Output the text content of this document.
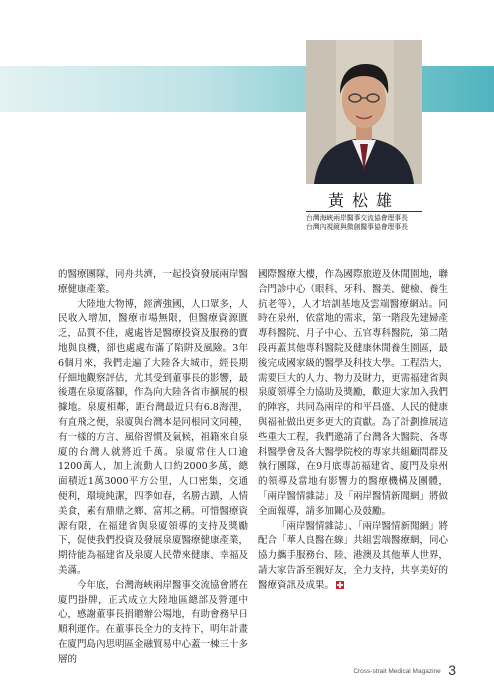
黃松雄
台灣海峽兩岸醫事交流協會理事長
台灣內視鏡與微創醫事協會理事長

的醫療團隊，同舟共濟，一起投資發展兩岸醫療健康產業。

大陸地大物博，經濟強國，人口眾多，人民收入增加，醫療市場無限，但醫療資源匱乏，品質不佳，處處皆是醫療投資及服務的寶地與良機，卻也處處布滿了陷阱及風險。3年6個月來，我們走遍了大陸各大城市，經長期仔細地觀察評估，尤其受到董事長的影響，最後選在泉廈落腳，作為向大陸各省市擴展的根據地。泉廈相鄰，距台灣最近只有6.8海浬，有直飛之便，泉廈與台灣本是同根同文同種，有一樣的方言、風俗習慣及氣候，祖籍來自泉廈的台灣人就將近千萬。泉廈常住人口逾1200萬人，加上流動人口約2000多萬，總面積近1萬3000平方公里，人口密集，交通便利，環境純潔，四季如春，名勝古蹟，人情美食，素有鼎鼎之鄉、富邦之稱。可惜醫療資源有限，在福建省與泉廈領導的支持及獎勵下，促使我們投資及發展泉廈醫療健康產業，期待能為福建省及泉廈人民帶來健康、幸福及美滿。

今年底，台灣海峽兩岸醫事交流協會將在廈門掛牌，正式成立大陸地區總部及營運中心，感謝董事長捐贈辦公場地，有助會務早日順利運作。在董事長全力的支持下，明年計畫在廈門島內思明區金融貿易中心蓋一棟三十多層的

國際醫療大樓，作為國際旅遊及休閒園地，聯合門診中心（眼科、牙科、醫美、健檢、養生抗老等），人才培訓基地及雲端醫療網站。同時在泉州，依當地的需求，第一階段先建婦產專科醫院、月子中心、五官專科醫院，第二階段再蓋其他專科醫院及健康休閒養生園區，最後完成國家級的醫學及科技大學。工程浩大，需要巨大的人力、物力及財力，更需福建省與泉廈領導全力協助及獎勵，歡迎大家加入我們的陣容，共同為兩岸的和平昌盛、人民的健康與福祉做出更多更大的貢獻。為了計劃推展這些重大工程，我們邀請了台灣各大醫院、各專科醫學會及各大醫學院校的專家共組顧問群及執行團隊，在9月底專訪福建省、廈門及泉州的領導及當地有影響力的醫療機構及團體，「兩岸醫情雜誌」及「兩岸醫情新聞網」將做全面報導，請多加關心及鼓勵。

「兩岸醫情雜誌」、「兩岸醫情新聞網」將配合「華人良醫在線」共組雲端醫療網，同心協力攜手服務台、陸、港澳及其他華人世界，請大家告訴至親好友，全力支持，共享美好的醫療資訊及成果。

Cross-strait Medical Magazine 3
